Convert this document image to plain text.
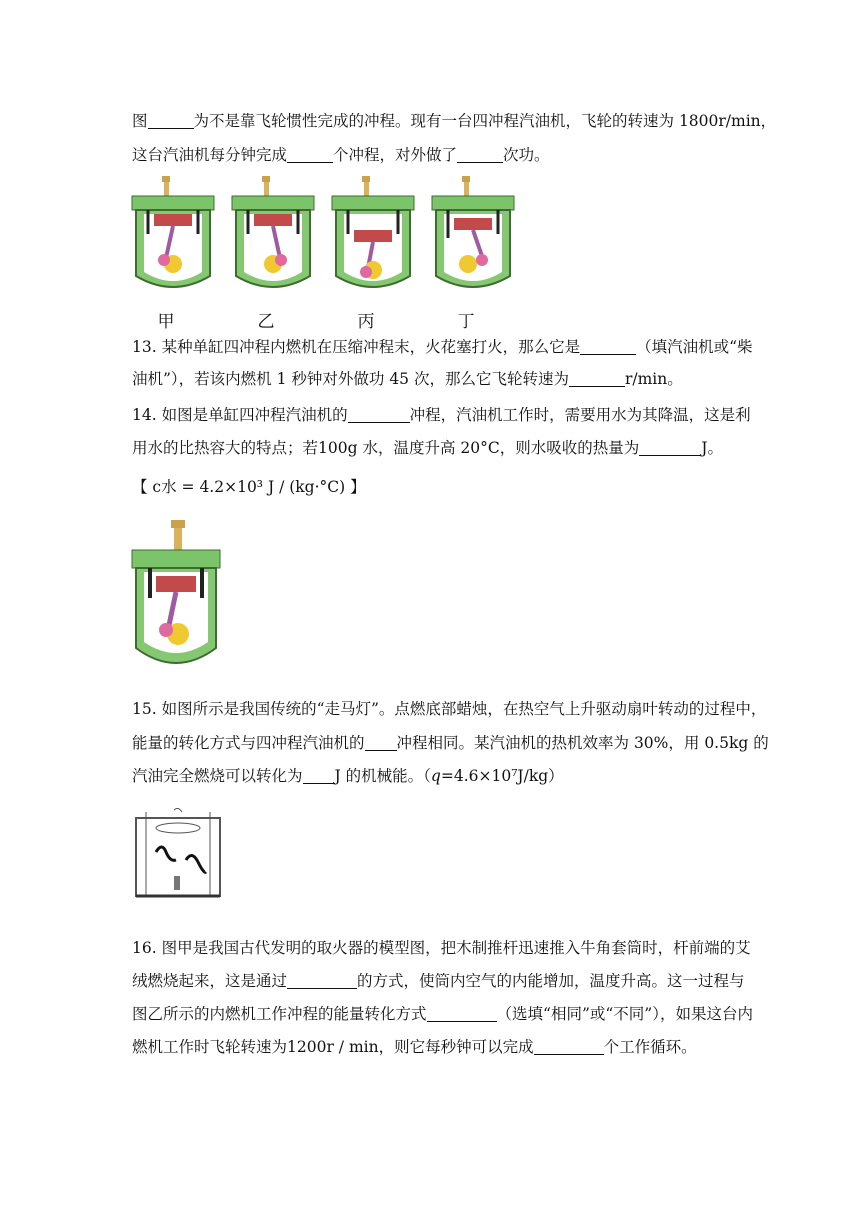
图	为不是靠飞轮惯性完成的冲程。现有一台四冲程汽油机，飞轮的转速为 1800r/min，
这台汽油机每分钟完成	个冲程，对外做了	次功。
甲	乙	丙	丁
13. 某种单缸四冲程内燃机在压缩冲程末，火花塞打火，那么它是	（填汽油机或“柴
油机”），若该内燃机 1 秒钟对外做功 45 次，那么它飞轮转速为	r/min。
14. 如图是单缸四冲程汽油机的	冲程，汽油机工作时，需要用水为其降温，这是利
用水的比热容大的特点；若100g 水，温度升高 20°C，则水吸收的热量为	J。
【 c水 = 4.2×10³ J / (kg·°C) 】
15. 如图所示是我国传统的“走马灯”。点燃底部蜡烛，在热空气上升驱动扇叶转动的过程中，
能量的转化方式与四冲程汽油机的 冲程相同。某汽油机的热机效率为 30%，用 0.5kg 的
汽油完全燃烧可以转化为 J 的机械能。（q=4.6×10⁷J/kg）
16. 图甲是我国古代发明的取火器的模型图，把木制推杆迅速推入牛角套筒时，杆前端的艾
绒燃烧起来，这是通过	的方式，使筒内空气的内能增加，温度升高。这一过程与
图乙所示的内燃机工作冲程的能量转化方式	（选填“相同”或“不同”），如果这台内
燃机工作时飞轮转速为1200r / min，则它每秒钟可以完成	个工作循环。
